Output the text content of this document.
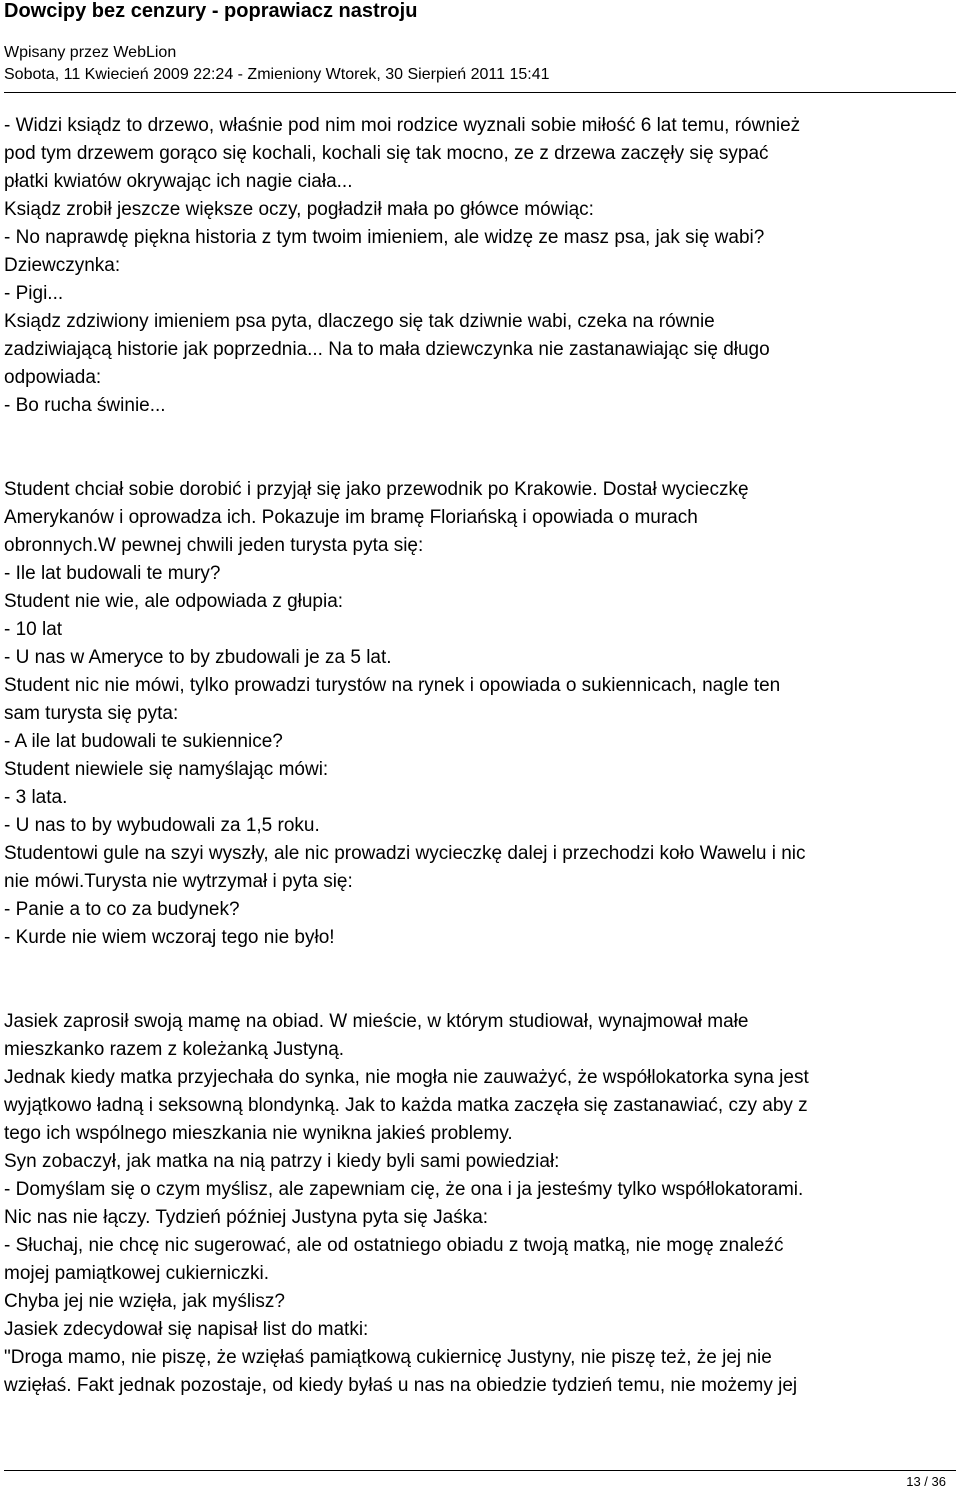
Dowcipy bez cenzury - poprawiacz nastroju
Wpisany przez WebLion
Sobota, 11 Kwiecień 2009 22:24 - Zmieniony Wtorek, 30 Sierpień 2011 15:41

- Widzi ksiądz to drzewo, właśnie pod nim moi rodzice wyznali sobie miłość 6 lat temu, również

pod tym drzewem gorąco się kochali, kochali się tak mocno, ze z drzewa zaczęły się sypać

płatki kwiatów okrywając ich nagie ciała...

Ksiądz zrobił jeszcze większe oczy, pogładził mała po główce mówiąc:

- No naprawdę piękna historia z tym twoim imieniem, ale widzę ze masz psa, jak się wabi?

Dziewczynka:

- Pigi...

Ksiądz zdziwiony imieniem psa pyta, dlaczego się tak dziwnie wabi, czeka na równie

zadziwiającą historie jak poprzednia... Na to mała dziewczynka nie zastanawiając się długo

odpowiada:

- Bo rucha świnie...

Student chciał sobie dorobić i przyjął się jako przewodnik po Krakowie. Dostał wycieczkę

Amerykanów i oprowadza ich. Pokazuje im bramę Floriańską i opowiada o murach

obronnych.W pewnej chwili jeden turysta pyta się:

- Ile lat budowali te mury?

Student nie wie, ale odpowiada z głupia:

- 10 lat

- U nas w Ameryce to by zbudowali je za 5 lat.

Student nic nie mówi, tylko prowadzi turystów na rynek i opowiada o sukiennicach, nagle ten

sam turysta się pyta:

- A ile lat budowali te sukiennice?

Student niewiele się namyślając mówi:

- 3 lata.

- U nas to by wybudowali za 1,5 roku.

Studentowi gule na szyi wyszły, ale nic prowadzi wycieczkę dalej i przechodzi koło Wawelu i nic

nie mówi.Turysta nie wytrzymał i pyta się:

- Panie a to co za budynek?

- Kurde nie wiem wczoraj tego nie było!

Jasiek zaprosił swoją mamę na obiad. W mieście, w którym studiował, wynajmował małe

mieszkanko razem z koleżanką Justyną.

Jednak kiedy matka przyjechała do synka, nie mogła nie zauważyć, że współlokatorka syna jest

wyjątkowo ładną i seksowną blondynką. Jak to każda matka zaczęła się zastanawiać, czy aby z

tego ich wspólnego mieszkania nie wynikna jakieś problemy.

Syn zobaczył, jak matka na nią patrzy i kiedy byli sami powiedział:

- Domyślam się o czym myślisz, ale zapewniam cię, że ona i ja jesteśmy tylko współlokatorami.

Nic nas nie łączy. Tydzień później Justyna pyta się Jaśka:

- Słuchaj, nie chcę nic sugerować, ale od ostatniego obiadu z twoją matką, nie mogę znaleźć

mojej pamiątkowej cukierniczki.

Chyba jej nie wzięła, jak myślisz?

Jasiek zdecydował się napisał list do matki:

"Droga mamo, nie piszę, że wzięłaś pamiątkową cukiernicę Justyny, nie piszę też, że jej nie

wzięłaś. Fakt jednak pozostaje, od kiedy byłaś u nas na obiedzie tydzień temu, nie możemy jej

13 / 36
